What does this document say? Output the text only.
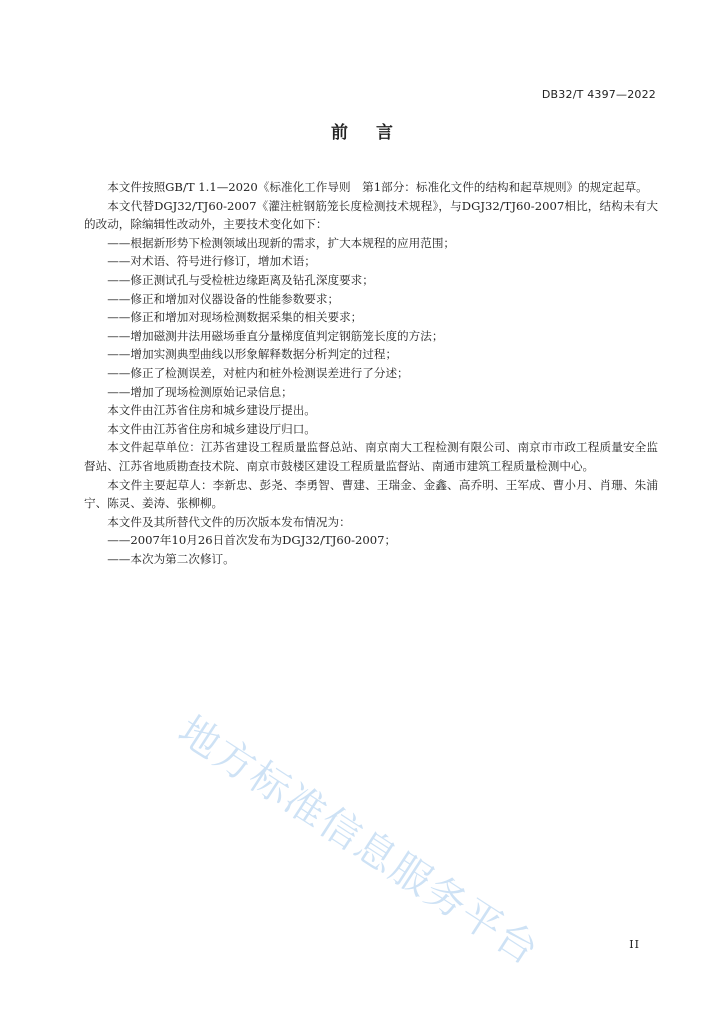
DB32/T 4397—2022
前言

本文件按照GB/T 1.1—2020《标准化工作导则　第1部分：标准化文件的结构和起草规则》的规定起草。

本文代替DGJ32/TJ60-2007《灌注桩钢筋笼长度检测技术规程》，与DGJ32/TJ60-2007相比，结构未有大的改动，除编辑性改动外，主要技术变化如下：

——根据新形势下检测领域出现新的需求，扩大本规程的应用范围；

——对术语、符号进行修订，增加术语；

——修正测试孔与受检桩边缘距离及钻孔深度要求；

——修正和增加对仪器设备的性能参数要求；

——修正和增加对现场检测数据采集的相关要求；

——增加磁测井法用磁场垂直分量梯度值判定钢筋笼长度的方法；

——增加实测典型曲线以形象解释数据分析判定的过程；

——修正了检测误差，对桩内和桩外检测误差进行了分述；

——增加了现场检测原始记录信息；

本文件由江苏省住房和城乡建设厅提出。

本文件由江苏省住房和城乡建设厅归口。

本文件起草单位：江苏省建设工程质量监督总站、南京南大工程检测有限公司、南京市市政工程质量安全监督站、江苏省地质勘查技术院、南京市鼓楼区建设工程质量监督站、南通市建筑工程质量检测中心。

本文件主要起草人：李新忠、彭尧、李勇智、曹建、王瑞金、金鑫、高乔明、王军成、曹小月、肖珊、朱浦宁、陈灵、姜涛、张柳柳。

本文件及其所替代文件的历次版本发布情况为：

——2007年10月26日首次发布为DGJ32/TJ60-2007；

——本次为第二次修订。

地方标准信息服务平台	II
